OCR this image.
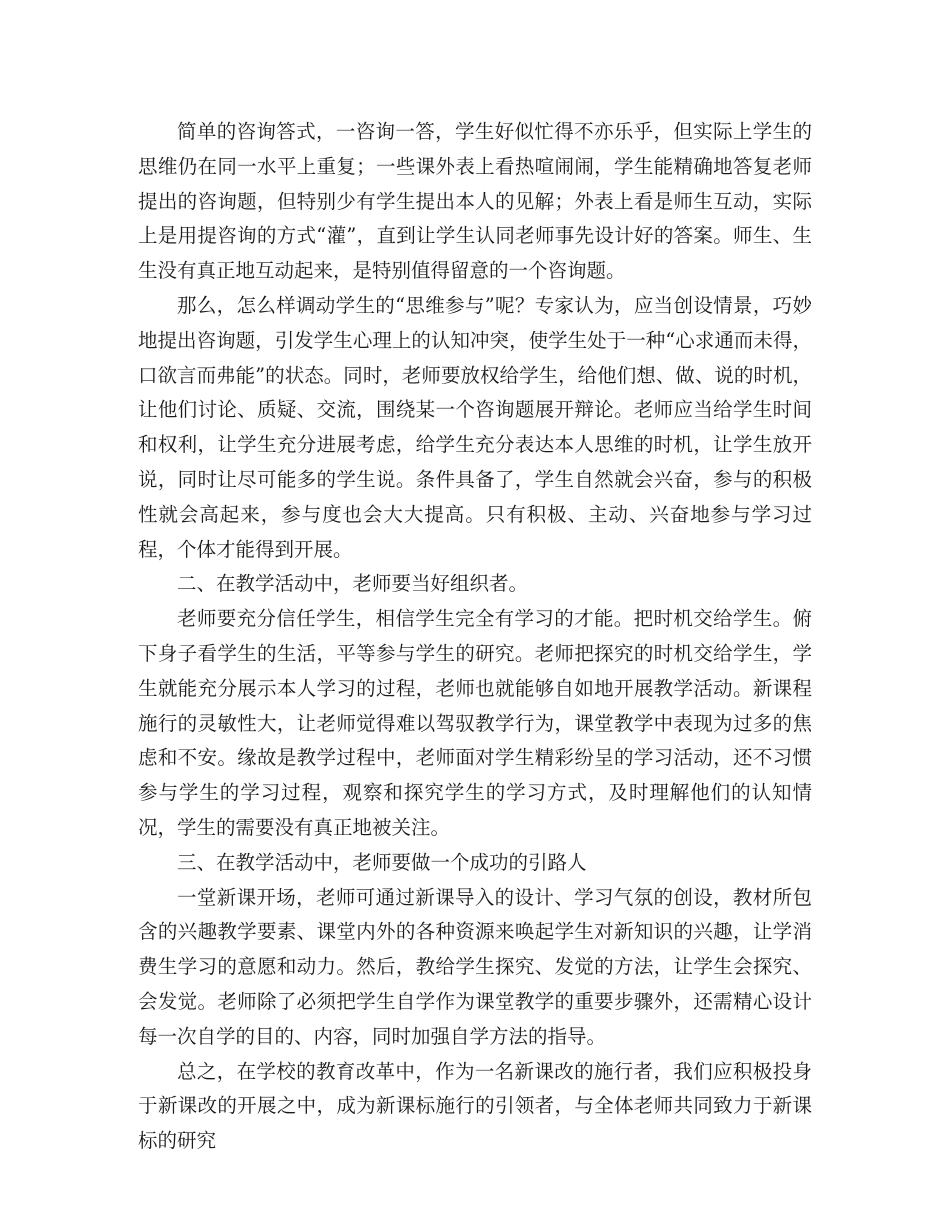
简单的咨询答式，一咨询一答，学生好似忙得不亦乐乎，但实际上学生的思维仍在同一水平上重复；一些课外表上看热喧闹闹，学生能精确地答复老师提出的咨询题，但特别少有学生提出本人的见解；外表上看是师生互动，实际上是用提咨询的方式“灌”，直到让学生认同老师事先设计好的答案。师生、生生没有真正地互动起来，是特别值得留意的一个咨询题。

那么，怎么样调动学生的“思维参与”呢？专家认为，应当创设情景，巧妙地提出咨询题，引发学生心理上的认知冲突，使学生处于一种“心求通而未得，口欲言而弗能”的状态。同时，老师要放权给学生，给他们想、做、说的时机，让他们讨论、质疑、交流，围绕某一个咨询题展开辩论。老师应当给学生时间和权利，让学生充分进展考虑，给学生充分表达本人思维的时机，让学生放开说，同时让尽可能多的学生说。条件具备了，学生自然就会兴奋，参与的积极性就会高起来，参与度也会大大提高。只有积极、主动、兴奋地参与学习过程，个体才能得到开展。

二、在教学活动中，老师要当好组织者。

老师要充分信任学生，相信学生完全有学习的才能。把时机交给学生。俯下身子看学生的生活，平等参与学生的研究。老师把探究的时机交给学生，学生就能充分展示本人学习的过程，老师也就能够自如地开展教学活动。新课程施行的灵敏性大，让老师觉得难以驾驭教学行为，课堂教学中表现为过多的焦虑和不安。缘故是教学过程中，老师面对学生精彩纷呈的学习活动，还不习惯参与学生的学习过程，观察和探究学生的学习方式，及时理解他们的认知情况，学生的需要没有真正地被关注。

三、在教学活动中，老师要做一个成功的引路人

一堂新课开场，老师可通过新课导入的设计、学习气氛的创设，教材所包含的兴趣教学要素、课堂内外的各种资源来唤起学生对新知识的兴趣，让学消费生学习的意愿和动力。然后，教给学生探究、发觉的方法，让学生会探究、会发觉。老师除了必须把学生自学作为课堂教学的重要步骤外，还需精心设计每一次自学的目的、内容，同时加强自学方法的指导。

总之，在学校的教育改革中，作为一名新课改的施行者，我们应积极投身于新课改的开展之中，成为新课标施行的引领者，与全体老师共同致力于新课标的研究
